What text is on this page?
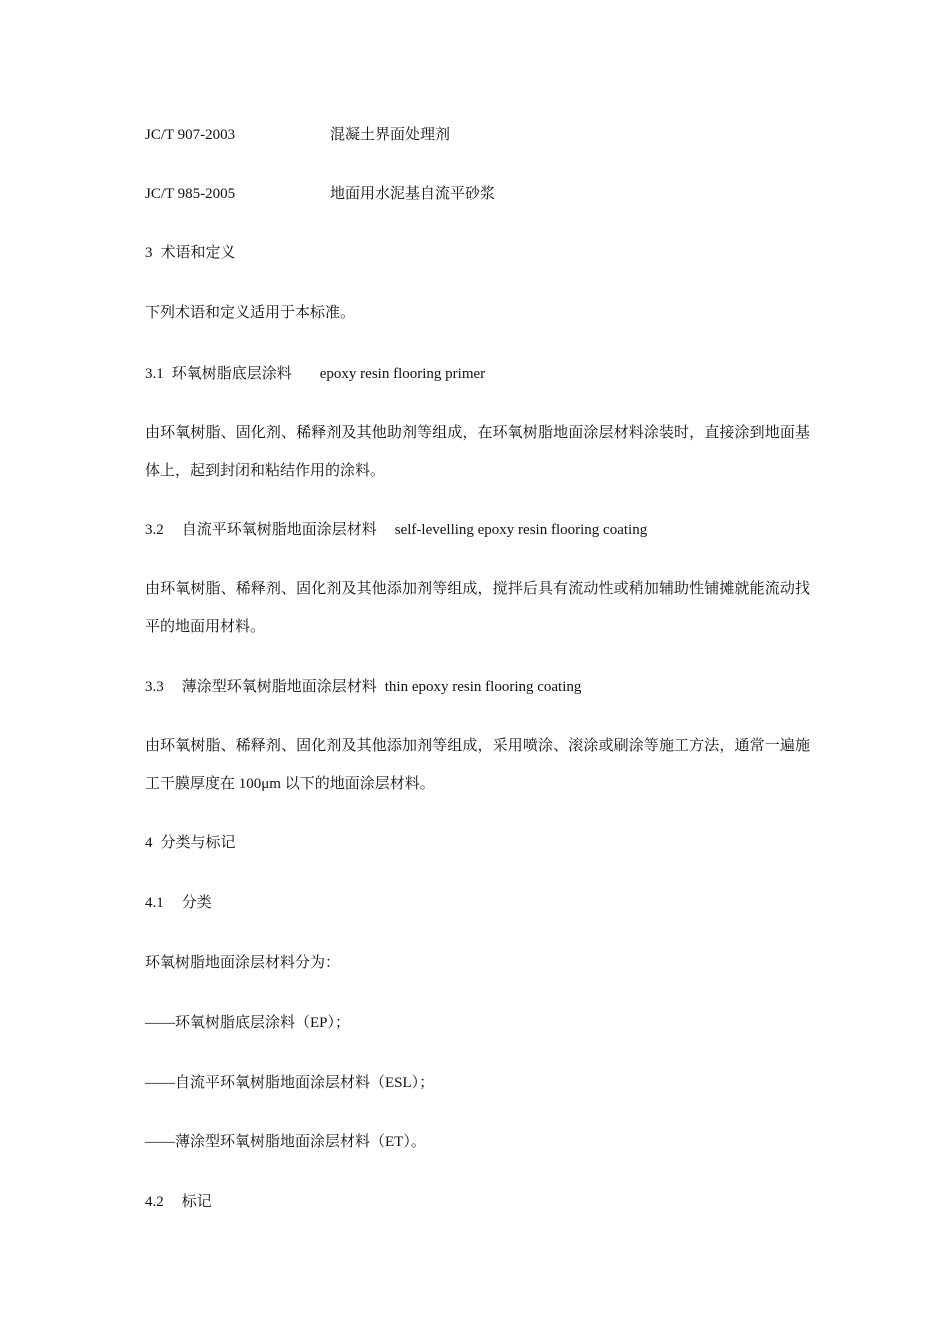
JC/T 907-2003	混凝土界面处理剂
JC/T 985-2005	地面用水泥基自流平砂浆
3 术语和定义
下列术语和定义适用于本标准。
3.1 环氧树脂底层涂料 epoxy resin flooring primer
由环氧树脂、固化剂、稀释剂及其他助剂等组成，在环氧树脂地面涂层材料涂装时，直接涂到地面基体上，起到封闭和粘结作用的涂料。
3.2 自流平环氧树脂地面涂层材料 self-levelling epoxy resin flooring coating
由环氧树脂、稀释剂、固化剂及其他添加剂等组成，搅拌后具有流动性或稍加辅助性铺摊就能流动找平的地面用材料。
3.3 薄涂型环氧树脂地面涂层材料 thin epoxy resin flooring coating
由环氧树脂、稀释剂、固化剂及其他添加剂等组成，采用喷涂、滚涂或刷涂等施工方法，通常一遍施工干膜厚度在 100μm 以下的地面涂层材料。
4 分类与标记
4.1 分类
环氧树脂地面涂层材料分为：
——环氧树脂底层涂料（EP）；
——自流平环氧树脂地面涂层材料（ESL）；
——薄涂型环氧树脂地面涂层材料（ET）。
4.2 标记
